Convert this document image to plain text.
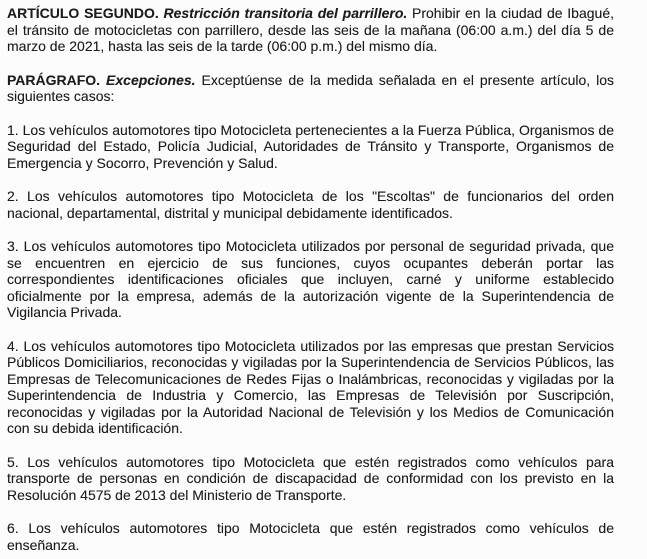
ARTÍCULO SEGUNDO. Restricción transitoria del parrillero. Prohibir en la ciudad de Ibagué, el tránsito de motocicletas con parrillero, desde las seis de la mañana (06:00 a.m.) del día 5 de marzo de 2021, hasta las seis de la tarde (06:00 p.m.) del mismo día.

PARÁGRAFO. Excepciones. Exceptúense de la medida señalada en el presente artículo, los siguientes casos:

1. Los vehículos automotores tipo Motocicleta pertenecientes a la Fuerza Pública, Organismos de Seguridad del Estado, Policía Judicial, Autoridades de Tránsito y Transporte, Organismos de Emergencia y Socorro, Prevención y Salud.

2. Los vehículos automotores tipo Motocicleta de los "Escoltas" de funcionarios del orden nacional, departamental, distrital y municipal debidamente identificados.

3. Los vehículos automotores tipo Motocicleta utilizados por personal de seguridad privada, que se encuentren en ejercicio de sus funciones, cuyos ocupantes deberán portar las correspondientes identificaciones oficiales que incluyen, carné y uniforme establecido oficialmente por la empresa, además de la autorización vigente de la Superintendencia de Vigilancia Privada.

4. Los vehículos automotores tipo Motocicleta utilizados por las empresas que prestan Servicios Públicos Domiciliarios, reconocidas y vigiladas por la Superintendencia de Servicios Públicos, las Empresas de Telecomunicaciones de Redes Fijas o Inalámbricas, reconocidas y vigiladas por la Superintendencia de Industria y Comercio, las Empresas de Televisión por Suscripción, reconocidas y vigiladas por la Autoridad Nacional de Televisión y los Medios de Comunicación con su debida identificación.

5. Los vehículos automotores tipo Motocicleta que estén registrados como vehículos para transporte de personas en condición de discapacidad de conformidad con los previsto en la Resolución 4575 de 2013 del Ministerio de Transporte.

6. Los vehículos automotores tipo Motocicleta que estén registrados como vehículos de enseñanza.
